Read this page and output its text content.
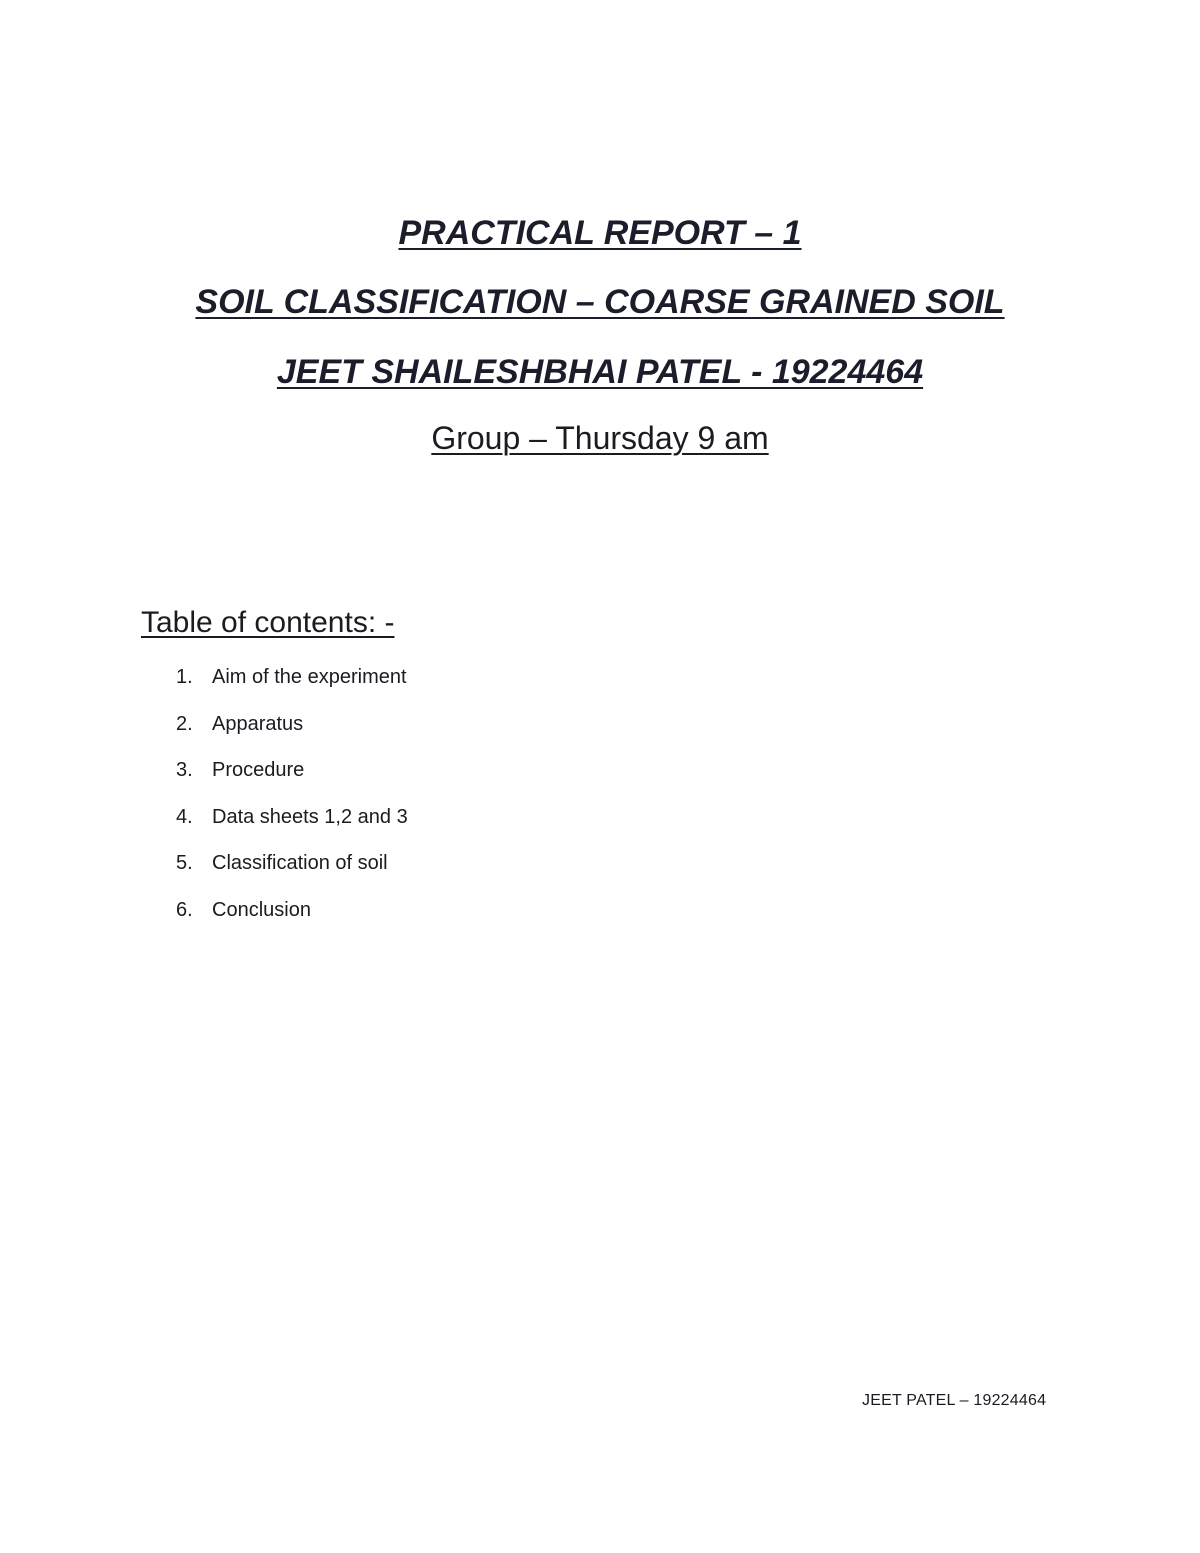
PRACTICAL REPORT – 1
SOIL CLASSIFICATION – COARSE GRAINED SOIL
JEET SHAILESHBHAI PATEL - 19224464

Group – Thursday 9 am

Table of contents: -

1. Aim of the experiment
2. Apparatus
3. Procedure
4. Data sheets 1,2 and 3
5. Classification of soil
6. Conclusion
JEET PATEL – 19224464
